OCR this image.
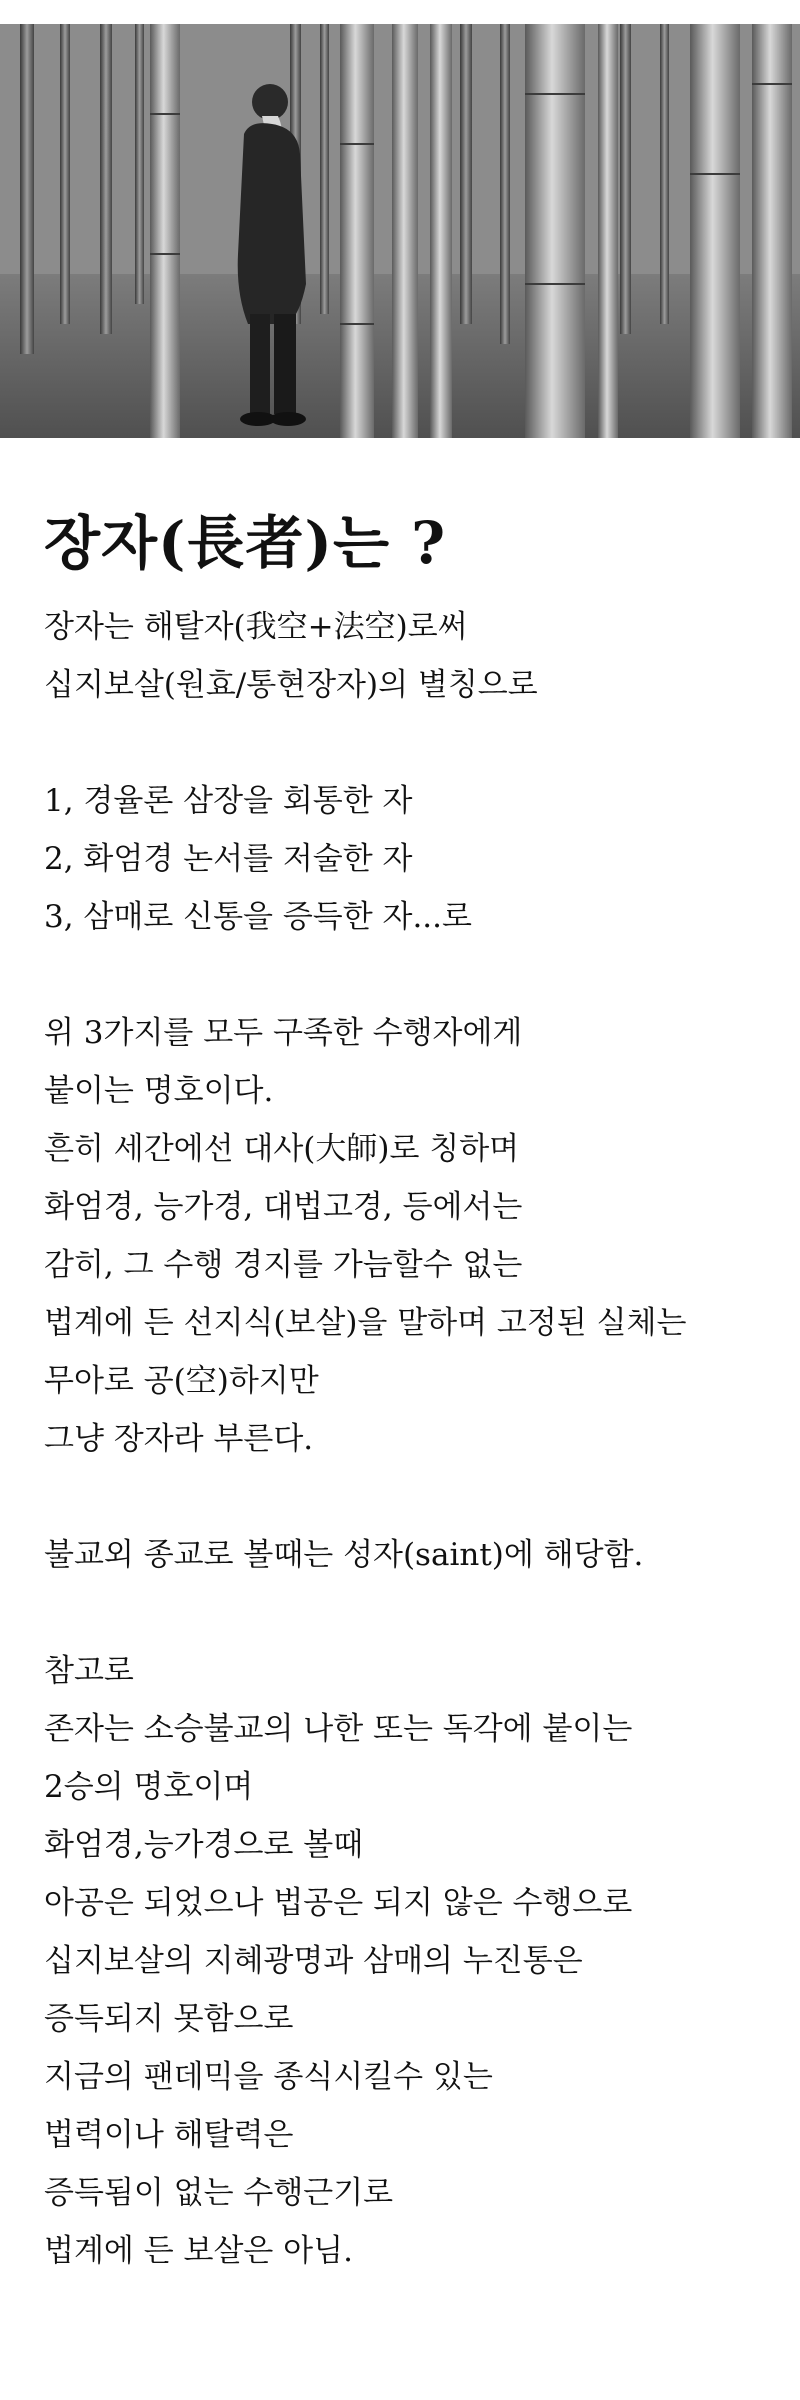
장자(長者)는 ?
장자는 해탈자(我空+法空)로써
십지보살(원효/통현장자)의 별칭으로
1, 경율론 삼장을 회통한 자
2, 화엄경 논서를 저술한 자
3, 삼매로 신통을 증득한 자...로
위 3가지를 모두 구족한 수행자에게
붙이는 명호이다.
흔히 세간에선 대사(大師)로 칭하며
화엄경, 능가경, 대법고경, 등에서는
감히, 그 수행 경지를 가늠할수 없는
법계에 든 선지식(보살)을 말하며 고정된 실체는
무아로 공(空)하지만
그냥 장자라 부른다.
불교외 종교로 볼때는 성자(saint)에 해당함.
참고로
존자는 소승불교의 나한 또는 독각에 붙이는
2승의 명호이며
화엄경,능가경으로 볼때
아공은 되었으나 법공은 되지 않은 수행으로
십지보살의 지혜광명과 삼매의 누진통은
증득되지 못함으로
지금의 팬데믹을 종식시킬수 있는
법력이나 해탈력은
증득됨이 없는 수행근기로
법계에 든 보살은 아님.
